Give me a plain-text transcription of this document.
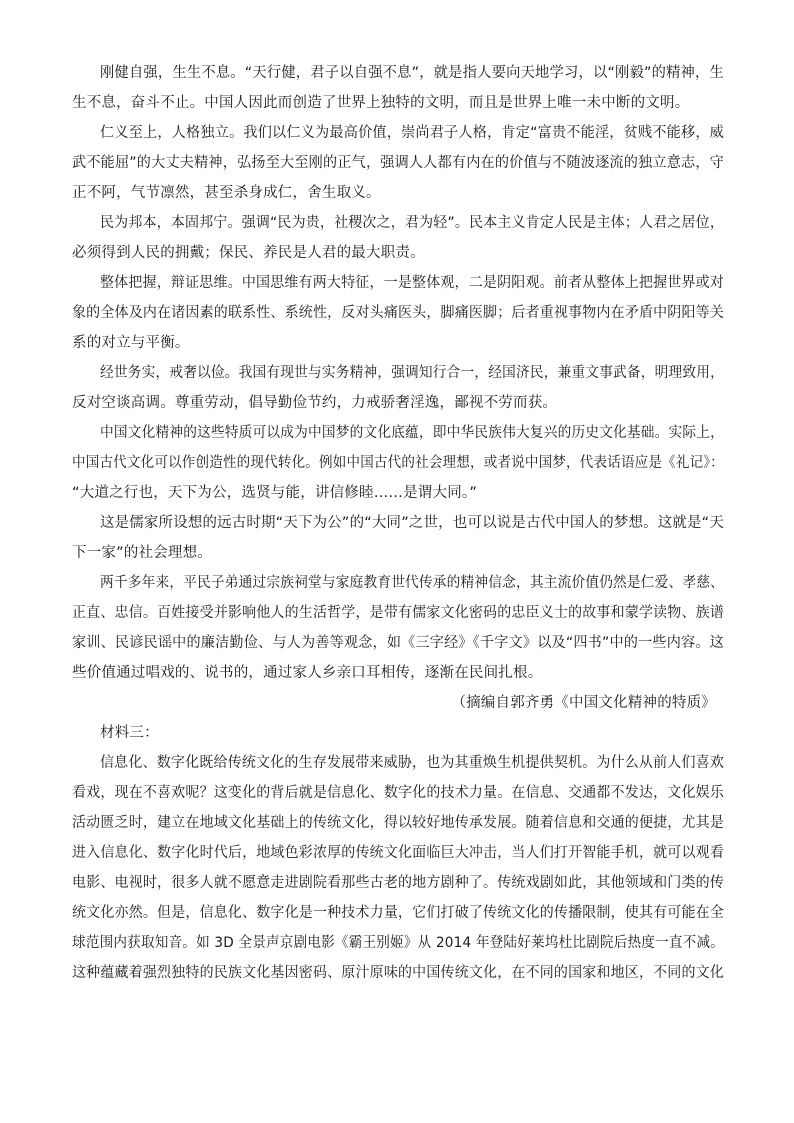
刚健自强，生生不息。“天行健，君子以自强不息”，就是指人要向天地学习，以“刚毅”的精神，生
生不息，奋斗不止。中国人因此而创造了世界上独特的文明，而且是世界上唯一未中断的文明。
仁义至上，人格独立。我们以仁义为最高价值，崇尚君子人格，肯定“富贵不能淫，贫贱不能移，威
武不能屈”的大丈夫精神，弘扬至大至刚的正气，强调人人都有内在的价值与不随波逐流的独立意志，守
正不阿，气节凛然，甚至杀身成仁，舍生取义。
民为邦本，本固邦宁。强调“民为贵，社稷次之，君为轻”。民本主义肯定人民是主体；人君之居位，
必须得到人民的拥戴；保民、养民是人君的最大职责。
整体把握，辩证思维。中国思维有两大特征，一是整体观，二是阴阳观。前者从整体上把握世界或对
象的全体及内在诸因素的联系性、系统性，反对头痛医头，脚痛医脚；后者重视事物内在矛盾中阴阳等关
系的对立与平衡。
经世务实，戒奢以俭。我国有现世与实务精神，强调知行合一，经国济民，兼重文事武备，明理致用，
反对空谈高调。尊重劳动，倡导勤俭节约，力戒骄奢淫逸，鄙视不劳而获。
中国文化精神的这些特质可以成为中国梦的文化底蕴，即中华民族伟大复兴的历史文化基础。实际上，
中国古代文化可以作创造性的现代转化。例如中国古代的社会理想，或者说中国梦，代表话语应是《礼记》：
“大道之行也，天下为公，选贤与能，讲信修睦……是谓大同。”
这是儒家所设想的远古时期“天下为公”的“大同”之世，也可以说是古代中国人的梦想。这就是“天
下一家”的社会理想。
两千多年来，平民子弟通过宗族祠堂与家庭教育世代传承的精神信念，其主流价值仍然是仁爱、孝慈、
正直、忠信。百姓接受并影响他人的生活哲学，是带有儒家文化密码的忠臣义士的故事和蒙学读物、族谱
家训、民谚民谣中的廉洁勤俭、与人为善等观念，如《三字经》《千字文》以及“四书”中的一些内容。这
些价值通过唱戏的、说书的，通过家人乡亲口耳相传，逐渐在民间扎根。
（摘编自郭齐勇《中国文化精神的特质》
材料三：
信息化、数字化既给传统文化的生存发展带来威胁，也为其重焕生机提供契机。为什么从前人们喜欢
看戏，现在不喜欢呢？这变化的背后就是信息化、数字化的技术力量。在信息、交通都不发达，文化娱乐
活动匮乏时，建立在地域文化基础上的传统文化，得以较好地传承发展。随着信息和交通的便捷，尤其是
进入信息化、数字化时代后，地域色彩浓厚的传统文化面临巨大冲击，当人们打开智能手机，就可以观看
电影、电视时，很多人就不愿意走进剧院看那些古老的地方剧种了。传统戏剧如此，其他领域和门类的传
统文化亦然。但是，信息化、数字化是一种技术力量，它们打破了传统文化的传播限制，使其有可能在全
球范围内获取知音。如 3D 全景声京剧电影《霸王别姬》从 2014 年登陆好莱坞杜比剧院后热度一直不减。
这种蕴藏着强烈独特的民族文化基因密码、原汁原味的中国传统文化，在不同的国家和地区，不同的文化
